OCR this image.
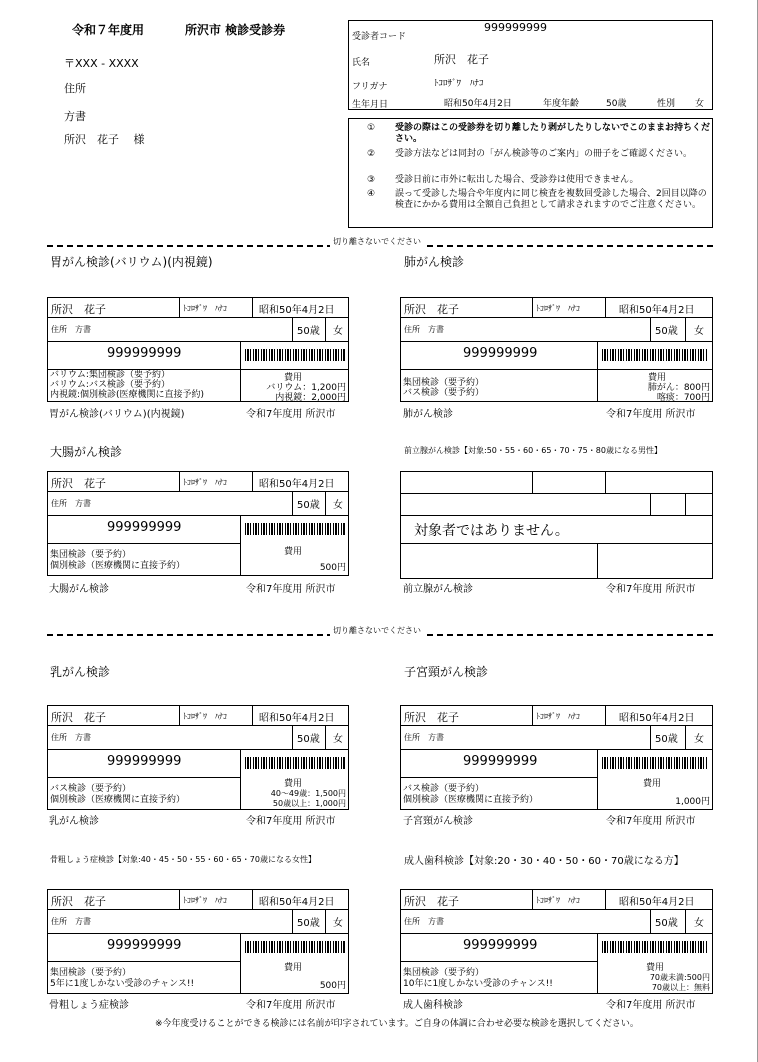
令和７年度用	所沢市 検診受診券
〒XXX - XXXX
住所
方書
所沢　花子　 様
受診者コード
999999999
氏名	所沢　花子
フリガナ	ﾄｺﾛｻﾞﾜ　ﾊﾅｺ
生年月日	昭和50年4月2日	年度年齢	50歳	性別 女
① 受診の際はこの受診券を切り離したり剥がしたりしないでこのままお持ちください。
② 受診方法などは同封の「がん検診等のご案内」の冊子をご確認ください。
③ 受診日前に市外に転出した場合、受診券は使用できません。
④ 誤って受診した場合や年度内に同じ検査を複数回受診した場合、2回目以降の検査にかかる費用は全額自己負担として請求されますのでご注意ください。
切り離さないでください
胃がん検診(バリウム)(内視鏡)	肺がん検診
所沢　花子	ﾄｺﾛｻﾞﾜ　ﾊﾅｺ	昭和50年4月2日
住所　方書	50歳 女
999999999
バリウム:集団検診（要予約）
バリウム:バス検診（要予約）
内視鏡:個別検診(医療機関に直接予約)
費用
バリウム：1,200円
内視鏡：2,000円
胃がん検診(バリウム)(内視鏡)	令和7年度用 所沢市
所沢　花子	ﾄｺﾛｻﾞﾜ　ﾊﾅｺ	昭和50年4月2日
住所　方書	50歳 女
999999999
集団検診（要予約）
バス検診（要予約）
費用
肺がん：800円
喀痰：700円
肺がん検診	令和7年度用 所沢市
大腸がん検診	前立腺がん検診【対象:50・55・60・65・70・75・80歳になる男性】
所沢　花子	ﾄｺﾛｻﾞﾜ　ﾊﾅｺ	昭和50年4月2日
住所　方書	50歳 女
999999999
集団検診（要予約）
個別検診（医療機関に直接予約）
費用
500円
大腸がん検診	令和7年度用 所沢市
対象者ではありません。
前立腺がん検診	令和7年度用 所沢市
切り離さないでください
乳がん検診	子宮頸がん検診
所沢　花子	ﾄｺﾛｻﾞﾜ　ﾊﾅｺ	昭和50年4月2日
住所　方書	50歳 女
999999999
バス検診（要予約）
個別検診（医療機関に直接予約）
費用
40～49歳：1,500円
50歳以上：1,000円
乳がん検診	令和7年度用 所沢市
所沢　花子	ﾄｺﾛｻﾞﾜ　ﾊﾅｺ	昭和50年4月2日
住所　方書	50歳 女
999999999
バス検診（要予約）
個別検診（医療機関に直接予約）
費用
1,000円
子宮頸がん検診	令和7年度用 所沢市
骨粗しょう症検診【対象:40・45・50・55・60・65・70歳になる女性】	成人歯科検診【対象:20・30・40・50・60・70歳になる方】
所沢　花子	ﾄｺﾛｻﾞﾜ　ﾊﾅｺ	昭和50年4月2日
住所　方書	50歳 女
999999999
集団検診（要予約）
5年に1度しかない受診のチャンス!!
費用
500円
骨粗しょう症検診	令和7年度用 所沢市
所沢　花子	ﾄｺﾛｻﾞﾜ　ﾊﾅｺ	昭和50年4月2日
住所　方書	50歳 女
999999999
集団検診（要予約）
10年に1度しかない受診のチャンス!!
費用
70歳未満:500円
70歳以上：無料
成人歯科検診	令和7年度用 所沢市
※今年度受けることができる検診には名前が印字されています。ご自身の体調に合わせ必要な検診を選択してください。
